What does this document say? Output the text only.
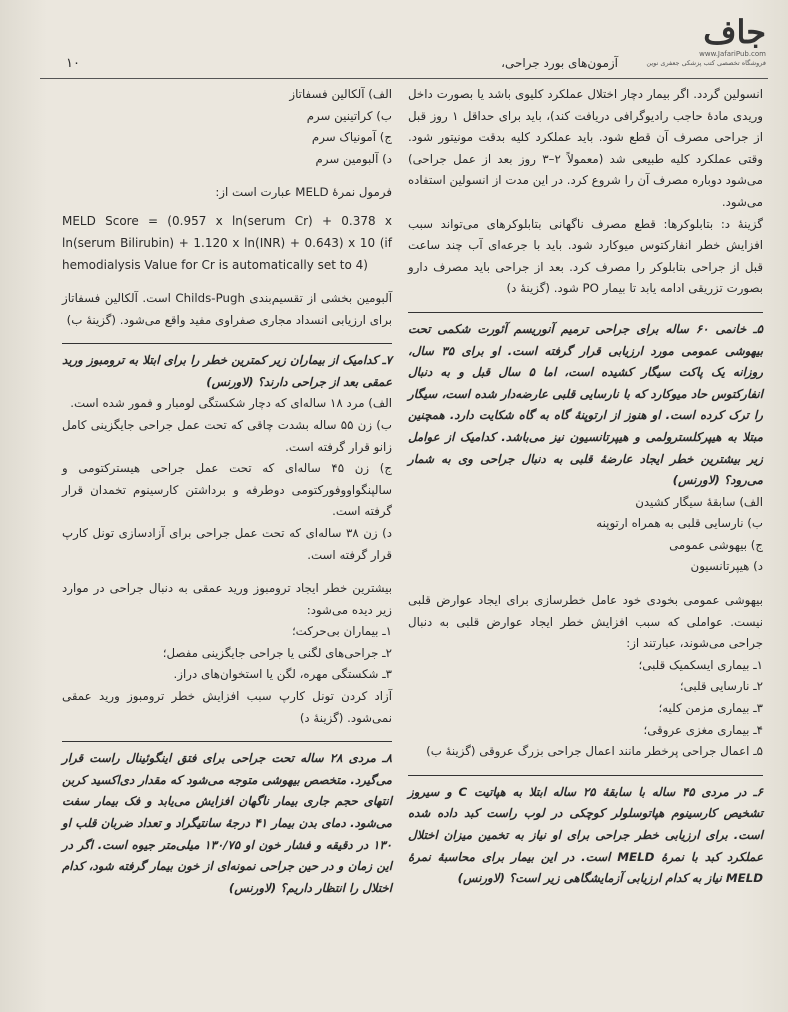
۱۰	آزمون‌های بورد جراحی،
جاف
www.JafariPub.com
فروشگاه تخصصی کتب پزشکی جعفری نوین

انسولین گردد. اگر بیمار دچار اختلال عملکرد کلیوی باشد یا بصورت داخل وریدی مادهٔ حاجب رادیوگرافی دریافت کند)، باید برای حداقل ۱ روز قبل از جراحی مصرف آن قطع شود. باید عملکرد کلیه بدقت مونیتور شود. وقتی عملکرد کلیه طبیعی شد (معمولاً ۲–۳ روز بعد از عمل جراحی) می‌شود دوباره مصرف آن را شروع کرد. در این مدت از انسولین استفاده می‌شود.

گزینهٔ د: بتابلوکرها: قطع مصرف ناگهانی بتابلوکرهای می‌تواند سبب افزایش خطر انفارکتوس میوکارد شود. باید با جرعه‌ای آب چند ساعت قبل از جراحی بتابلوکر را مصرف کرد. بعد از جراحی باید مصرف دارو بصورت تزریقی ادامه یابد تا بیمار PO شود. (گزینهٔ د)

۵ـ خانمی ۶۰ ساله برای جراحی ترمیم آنوریسم آئورت شکمی تحت بیهوشی عمومی مورد ارزیابی قرار گرفته است. او برای ۳۵ سال، روزانه یک پاکت سیگار کشیده است، اما ۵ سال قبل و به دنبال انفارکتوس حاد میوکارد که با نارسایی قلبی عارضه‌دار شده است، سیگار را ترک کرده است. او هنوز از ارتوپنهٔ گاه به گاه شکایت دارد. همچنین مبتلا به هیپرکلسترولمی و هیپرتانسیون نیز می‌باشد. کدامیک از عوامل زیر بیشترین خطر ایجاد عارضهٔ قلبی به دنبال جراحی وی به شمار می‌رود؟ (لاورنس)

الف) سابقهٔ سیگار کشیدن

ب) نارسایی قلبی به همراه ارتوپنه

ج) بیهوشی عمومی

د) هیپرتانسیون

بیهوشی عمومی بخودی خود عامل خطرسازی برای ایجاد عوارض قلبی نیست. عواملی که سبب افزایش خطر ایجاد عوارض قلبی به دنبال جراحی می‌شوند، عبارتند از:

۱ـ بیماری ایسکمیک قلبی؛

۲ـ نارسایی قلبی؛

۳ـ بیماری مزمن کلیه؛

۴ـ بیماری مغزی عروقی؛

۵ـ اعمال جراحی پرخطر مانند اعمال جراحی بزرگ عروقی (گزینهٔ ب)

۶ـ در مردی ۴۵ ساله با سابقهٔ ۲۵ ساله ابتلا به هپاتیت C و سیروز تشخیص کارسینوم هپاتوسلولر کوچکی در لوب راست کبد داده شده است. برای ارزیابی خطر جراحی برای او نیاز به تخمین میزان اختلال عملکرد کبد با نمرهٔ MELD است. در این بیمار برای محاسبهٔ نمرهٔ MELD نیاز به کدام ارزیابی آزمایشگاهی زیر است؟ (لاورنس)

الف) آلکالین فسفاتاز

ب) کراتینین سرم

ج) آمونیاک سرم

د) آلبومین سرم

فرمول نمرهٔ MELD عبارت است از:

MELD Score = (0.957 x ln(serum Cr) + 0.378 x ln(serum Bilirubin) + 1.120 x ln(INR) + 0.643) x 10 (if hemodialysis Value for Cr is automatically set to 4)

آلبومین بخشی از تقسیم‌بندی Childs-Pugh است. آلکالین فسفاتاز برای ارزیابی انسداد مجاری صفراوی مفید واقع می‌شود. (گزینهٔ ب)

۷ـ کدامیک از بیماران زیر کمترین خطر را برای ابتلا به ترومبوز ورید عمقی بعد از جراحی دارند؟ (لاورنس)

الف) مرد ۱۸ ساله‌ای که دچار شکستگی لومبار و فمور شده است.

ب) زن ۵۵ ساله بشدت چاقی که تحت عمل جراحی جایگزینی کامل زانو قرار گرفته است.

ج) زن ۴۵ ساله‌ای که تحت عمل جراحی هیسترکتومی و سالپنگواووفورکتومی دوطرفه و برداشتن کارسینوم تخمدان قرار گرفته است.

د) زن ۳۸ ساله‌ای که تحت عمل جراحی برای آزادسازی تونل کارپ قرار گرفته است.

بیشترین خطر ایجاد ترومبوز ورید عمقی به دنبال جراحی در موارد زیر دیده می‌شود:

۱ـ بیماران بی‌حرکت؛

۲ـ جراحی‌های لگنی یا جراحی جایگزینی مفصل؛

۳ـ شکستگی مهره، لگن یا استخوان‌های دراز.

آزاد کردن تونل کارپ سبب افزایش خطر ترومبوز ورید عمقی نمی‌شود. (گزینهٔ د)

۸ـ مردی ۲۸ ساله تحت جراحی برای فتق اینگوئینال راست قرار می‌گیرد. متخصص بیهوشی متوجه می‌شود که مقدار دی‌اکسید کربن انتهای حجم جاری بیمار ناگهان افزایش می‌یابد و فک بیمار سفت می‌شود. دمای بدن بیمار ۴۱ درجهٔ سانتیگراد و تعداد ضربان قلب او ۱۳۰ در دقیقه و فشار خون او ۱۳۰/۷۵ میلی‌متر جیوه است. اگر در این زمان و در حین جراحی نمونه‌ای از خون بیمار گرفته شود، کدام اختلال را انتظار داریم؟ (لاورنس)
